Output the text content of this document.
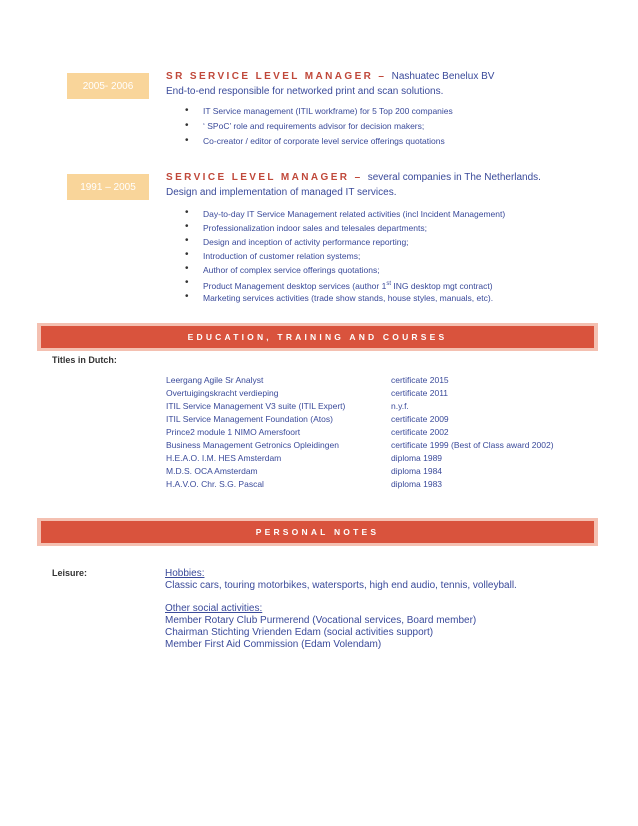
2005- 2006
SR SERVICE LEVEL MANAGER – Nashuatec Benelux BV
End-to-end responsible for networked print and scan solutions.
• IT Service management (ITIL workframe) for 5 Top 200 companies
• ‘ SPoC’ role and requirements advisor for decision makers;
• Co-creator / editor of corporate level service offerings quotations
1991 – 2005
SERVICE LEVEL MANAGER – several companies in The Netherlands.
Design and implementation of managed IT services.
• Day-to-day IT Service Management related activities (incl Incident Management)
• Professionalization indoor sales and telesales departments;
• Design and inception of activity performance reporting;
• Introduction of customer relation systems;
• Author of complex service offerings quotations;
• Product Management desktop services (author 1st ING desktop mgt contract)
• Marketing services activities (trade show stands, house styles, manuals, etc).
EDUCATION, TRAINING AND COURSES
Titles in Dutch:
Leergang Agile Sr Analyst	certificate 2015
Overtuigingskracht verdieping	certificate 2011
ITIL Service Management V3 suite (ITIL Expert)	n.y.f.
ITIL Service Management Foundation (Atos)	certificate 2009
Prince2 module 1 NIMO Amersfoort	certificate 2002
Business Management Getronics Opleidingen	certificate 1999 (Best of Class award 2002)
H.E.A.O. I.M. HES Amsterdam	diploma 1989
M.D.S. OCA Amsterdam	diploma 1984
H.A.V.O. Chr. S.G. Pascal	diploma 1983
PERSONAL NOTES
Leisure:	Hobbies:
Classic cars, touring motorbikes, watersports, high end audio, tennis, volleyball.
Other social activities:
Member Rotary Club Purmerend (Vocational services, Board member)
Chairman Stichting Vrienden Edam (social activities support)
Member First Aid Commission (Edam Volendam)
